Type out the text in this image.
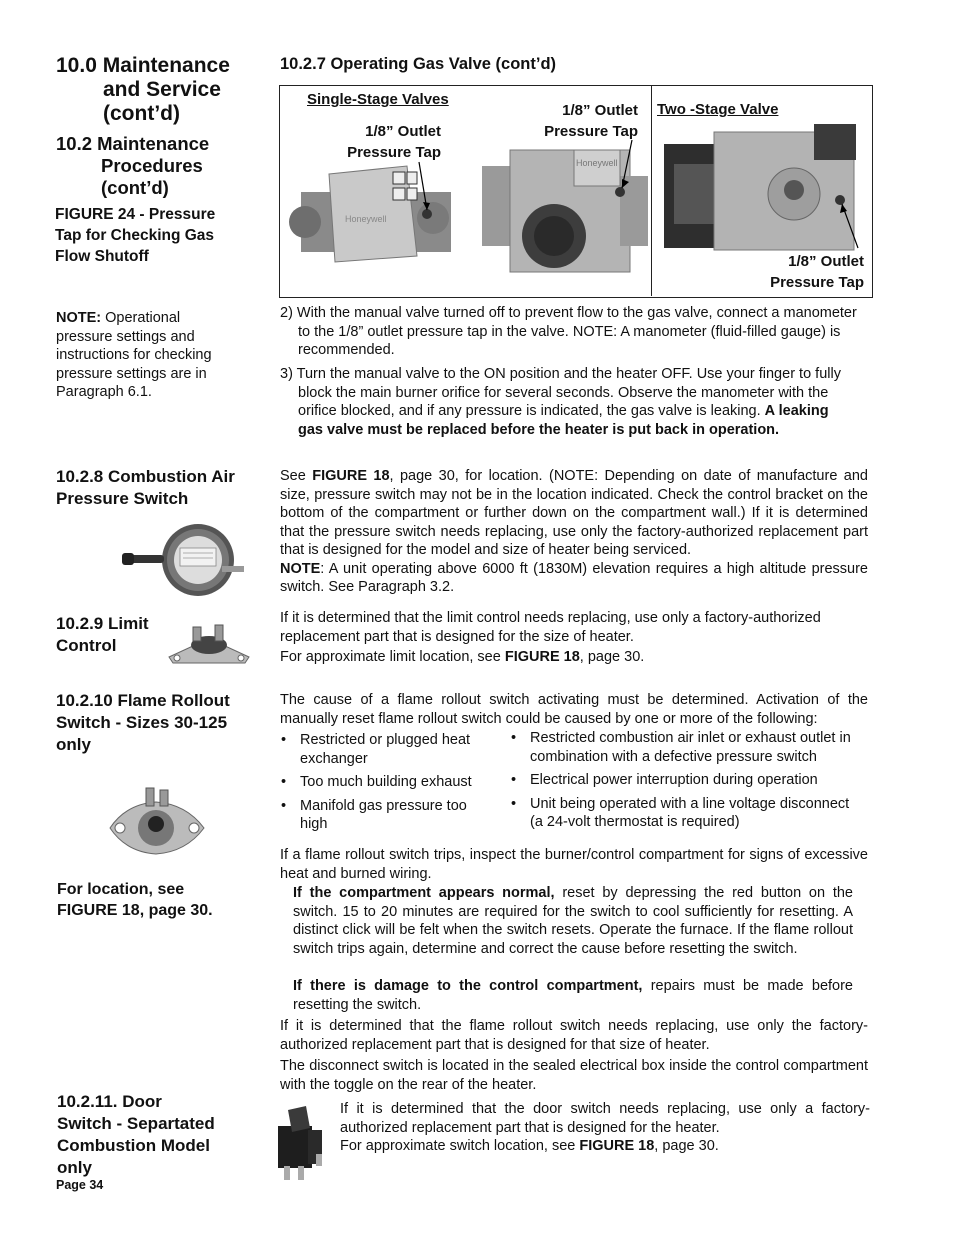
10.0 Maintenance
and Service
(cont’d)
10.2 Maintenance
Procedures
(cont’d)
FIGURE 24 - Pressure
Tap for Checking Gas
Flow Shutoff
NOTE: Operational
pressure settings and
instructions for checking
pressure settings are in
Paragraph 6.1.
10.2.8 Combustion Air
Pressure Switch
10.2.9 Limit
Control
10.2.10 Flame Rollout
Switch - Sizes 30-125
only
For location, see
FIGURE 18, page 30.
10.2.11. Door
Switch - Separtated
Combustion Model
only
Page 34
10.2.7 Operating Gas Valve (cont’d)
Single-Stage Valves
1/8” Outlet
Pressure Tap
1/8” Outlet
Pressure Tap
Two -Stage Valve
1/8” Outlet
Pressure Tap
Honeywell
Honeywell
2) With the manual valve turned off to prevent flow to the gas valve, connect a manometer to the 1/8” outlet pressure tap in the valve. NOTE: A manometer (fluid-filled gauge) is recommended.
3) Turn the manual valve to the ON position and the heater OFF. Use your finger to fully block the main burner orifice for several seconds. Observe the manometer with the orifice blocked, and if any pressure is indicated, the gas valve is leaking. A leaking gas valve must be replaced before the heater is put back in operation.
See FIGURE 18, page 30, for location. (NOTE: Depending on date of manufacture and size, pressure switch may not be in the location indicated. Check the control bracket on the bottom of the compartment or further down on the compartment wall.) If it is determined that the pressure switch needs replacing, use only the factory-authorized replacement part that is designed for the model and size of heater being serviced.
NOTE: A unit operating above 6000 ft (1830M) elevation requires a high altitude pressure switch. See Paragraph 3.2.
If it is determined that the limit control needs replacing, use only a factory-authorized replacement part that is designed for the size of heater.
For approximate limit location, see FIGURE 18, page 30.
The cause of a flame rollout switch activating must be determined. Activation of the manually reset flame rollout switch could be caused by one or more of the following:
• Restricted or plugged heat exchanger
• Too much building exhaust
• Manifold gas pressure too high
• Restricted combustion air inlet or exhaust outlet in combination with a defective pressure switch
• Electrical power interruption during operation
• Unit being operated with a line voltage disconnect (a 24-volt thermostat is required)
If a flame rollout switch trips, inspect the burner/control compartment for signs of excessive heat and burned wiring.
If the compartment appears normal, reset by depressing the red button on the switch. 15 to 20 minutes are required for the switch to cool sufficiently for resetting. A distinct click will be felt when the switch resets. Operate the furnace. If the flame rollout switch trips again, determine and correct the cause before resetting the switch.
If there is damage to the control compartment, repairs must be made before resetting the switch.
If it is determined that the flame rollout switch needs replacing, use only the factory-authorized replacement part that is designed for that size of heater.
The disconnect switch is located in the sealed electrical box inside the control compartment with the toggle on the rear of the heater.
If it is determined that the door switch needs replacing, use only a factory-authorized replacement part that is designed for the heater.
For approximate switch location, see FIGURE 18, page 30.
